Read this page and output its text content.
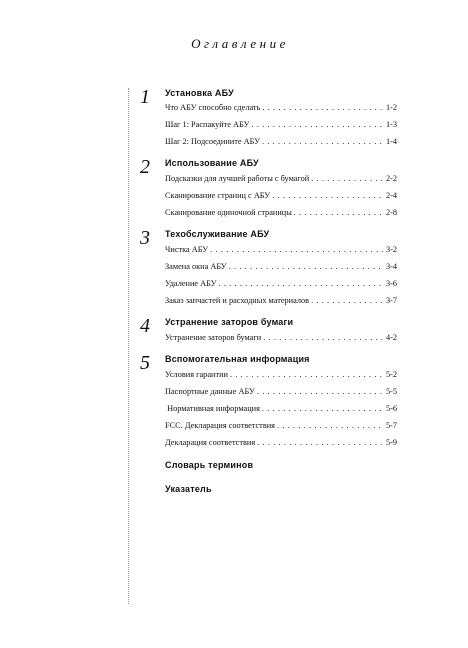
Оглавление
1	Установка АБУ
Что АБУ способно сделать . . .	1-2
Шаг 1: Распакуйте АБУ . . .	1-3
Шаг 2: Подсоедините АБУ . . .	1-4
2	Использование АБУ
Подсказки для лучшей работы с бумагой . . .	2-2
Сканирование страниц с АБУ . . .	2-4
Сканирование одиночной страницы . . .	2-8
3	Техобслуживание АБУ
Чистка АБУ . . .	3-2
Замена окна АБУ . . .	3-4
Удаление АБУ . . .	3-6
Заказ запчастей и расходных материалов . . .	3-7
4	Устранение заторов бумаги
Устранение заторов бумаги . . .	4-2
5	Вспомогательная информация
Условия гарантии . . .	5-2
Паспортные данные АБУ . . .	5-5
Нормативная информация . . .	5-6
FCC. Декларация соответствия . . .	5-7
Декларация соответствия . . .	5-9
Словарь терминов
Указатель
